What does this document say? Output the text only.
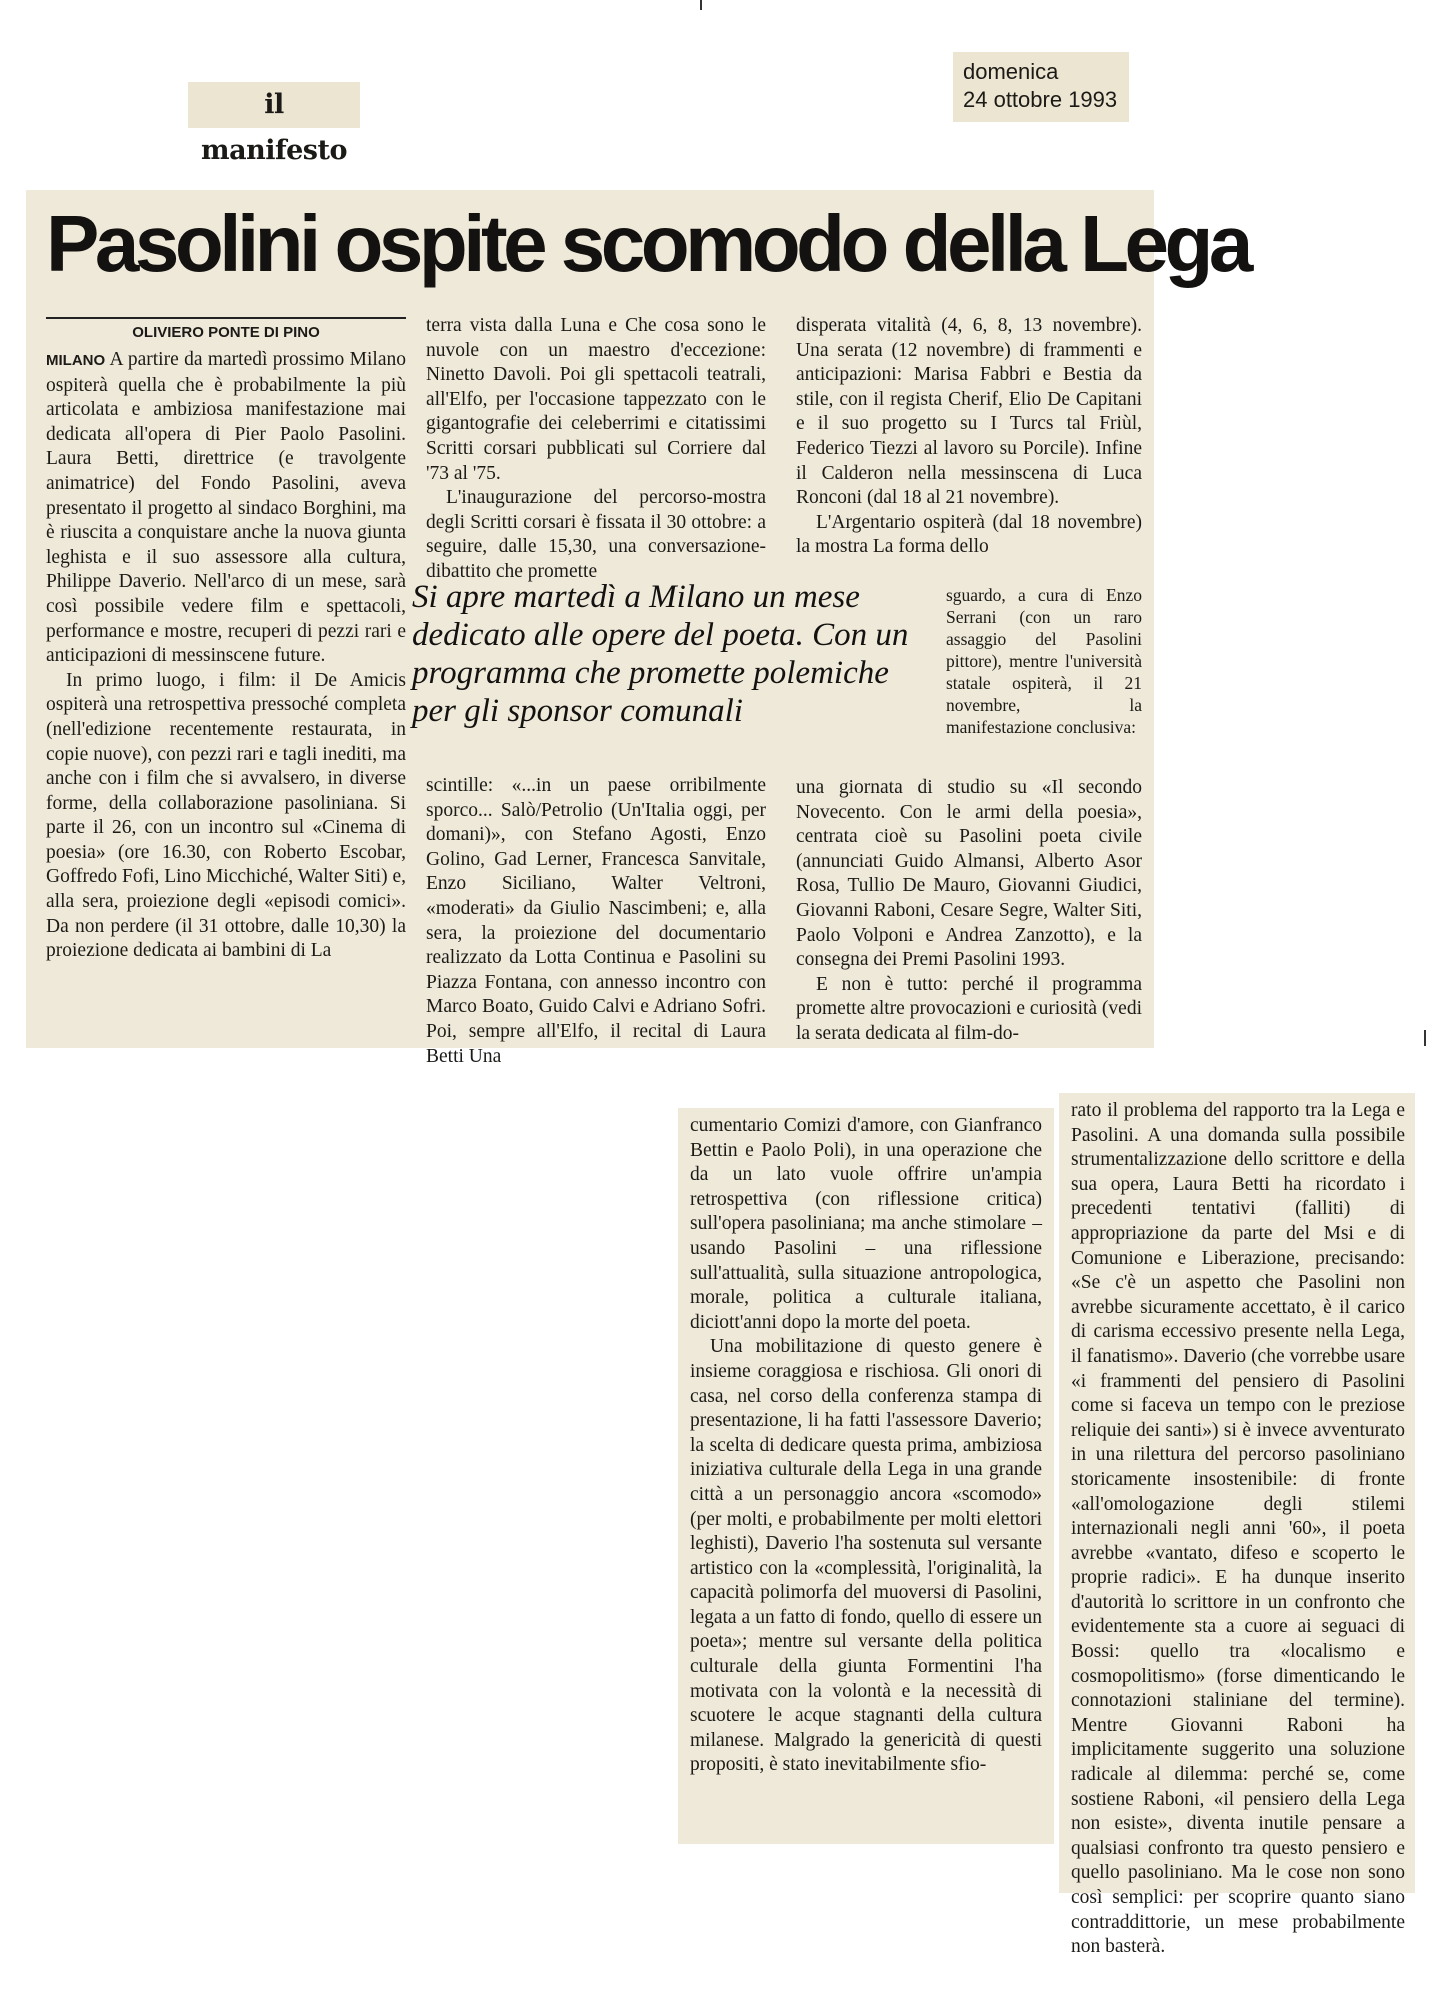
il manifesto
domenica
24 ottobre 1993
Pasolini ospite scomodo della Lega
OLIVIERO PONTE DI PINO

MILANO A partire da martedì prossimo Milano ospiterà quella che è probabilmente la più articolata e ambiziosa manifestazione mai dedicata all'opera di Pier Paolo Pasolini. Laura Betti, direttrice (e travolgente animatrice) del Fondo Pasolini, aveva presentato il progetto al sindaco Borghini, ma è riuscita a conquistare anche la nuova giunta leghista e il suo assessore alla cultura, Philippe Daverio. Nell'arco di un mese, sarà così possibile vedere film e spettacoli, performance e mostre, recuperi di pezzi rari e anticipazioni di messinscene future.

In primo luogo, i film: il De Amicis ospiterà una retrospettiva pressoché completa (nell'edizione recentemente restaurata, in copie nuove), con pezzi rari e tagli inediti, ma anche con i film che si avvalsero, in diverse forme, della collaborazione pasoliniana. Si parte il 26, con un incontro sul «Cinema di poesia» (ore 16.30, con Roberto Escobar, Goffredo Fofi, Lino Micchiché, Walter Siti) e, alla sera, proiezione degli «episodi comici». Da non perdere (il 31 ottobre, dalle 10,30) la proiezione dedicata ai bambini di La

terra vista dalla Luna e Che cosa sono le nuvole con un maestro d'eccezione: Ninetto Davoli. Poi gli spettacoli teatrali, all'Elfo, per l'occasione tappezzato con le gigantografie dei celeberrimi e citatissimi Scritti corsari pubblicati sul Corriere dal '73 al '75.

L'inaugurazione del percorso-mostra degli Scritti corsari è fissata il 30 ottobre: a seguire, dalle 15,30, una conversazione-dibattito che promette

disperata vitalità (4, 6, 8, 13 novembre). Una serata (12 novembre) di frammenti e anticipazioni: Marisa Fabbri e Bestia da stile, con il regista Cherif, Elio De Capitani e il suo progetto su I Turcs tal Friùl, Federico Tiezzi al lavoro su Porcile). Infine il Calderon nella messinscena di Luca Ronconi (dal 18 al 21 novembre).

L'Argentario ospiterà (dal 18 novembre) la mostra La forma dello

Si apre martedì a Milano un mese dedicato alle opere del poeta. Con un programma che promette polemiche per gli sponsor comunali

sguardo, a cura di Enzo Serrani (con un raro assaggio del Pasolini pittore), mentre l'università statale ospiterà, il 21 novembre, la manifestazione conclusiva:

scintille: «...in un paese orribilmente sporco... Salò/Petrolio (Un'Italia oggi, per domani)», con Stefano Agosti, Enzo Golino, Gad Lerner, Francesca Sanvitale, Enzo Siciliano, Walter Veltroni, «moderati» da Giulio Nascimbeni; e, alla sera, la proiezione del documentario realizzato da Lotta Continua e Pasolini su Piazza Fontana, con annesso incontro con Marco Boato, Guido Calvi e Adriano Sofri. Poi, sempre all'Elfo, il recital di Laura Betti Una

una giornata di studio su «Il secondo Novecento. Con le armi della poesia», centrata cioè su Pasolini poeta civile (annunciati Guido Almansi, Alberto Asor Rosa, Tullio De Mauro, Giovanni Giudici, Giovanni Raboni, Cesare Segre, Walter Siti, Paolo Volponi e Andrea Zanzotto), e la consegna dei Premi Pasolini 1993.

E non è tutto: perché il programma promette altre provocazioni e curiosità (vedi la serata dedicata al film-do-

cumentario Comizi d'amore, con Gianfranco Bettin e Paolo Poli), in una operazione che da un lato vuole offrire un'ampia retrospettiva (con riflessione critica) sull'opera pasoliniana; ma anche stimolare – usando Pasolini – una riflessione sull'attualità, sulla situazione antropologica, morale, politica a culturale italiana, diciott'anni dopo la morte del poeta.

Una mobilitazione di questo genere è insieme coraggiosa e rischiosa. Gli onori di casa, nel corso della conferenza stampa di presentazione, li ha fatti l'assessore Daverio; la scelta di dedicare questa prima, ambiziosa iniziativa culturale della Lega in una grande città a un personaggio ancora «scomodo» (per molti, e probabilmente per molti elettori leghisti), Daverio l'ha sostenuta sul versante artistico con la «complessità, l'originalità, la capacità polimorfa del muoversi di Pasolini, legata a un fatto di fondo, quello di essere un poeta»; mentre sul versante della politica culturale della giunta Formentini l'ha motivata con la volontà e la necessità di scuotere le acque stagnanti della cultura milanese. Malgrado la genericità di questi propositi, è stato inevitabilmente sfio-

rato il problema del rapporto tra la Lega e Pasolini. A una domanda sulla possibile strumentalizzazione dello scrittore e della sua opera, Laura Betti ha ricordato i precedenti tentativi (falliti) di appropriazione da parte del Msi e di Comunione e Liberazione, precisando: «Se c'è un aspetto che Pasolini non avrebbe sicuramente accettato, è il carico di carisma eccessivo presente nella Lega, il fanatismo». Daverio (che vorrebbe usare «i frammenti del pensiero di Pasolini come si faceva un tempo con le preziose reliquie dei santi») si è invece avventurato in una rilettura del percorso pasoliniano storicamente insostenibile: di fronte «all'omologazione degli stilemi internazionali negli anni '60», il poeta avrebbe «vantato, difeso e scoperto le proprie radici». E ha dunque inserito d'autorità lo scrittore in un confronto che evidentemente sta a cuore ai seguaci di Bossi: quello tra «localismo e cosmopolitismo» (forse dimenticando le connotazioni staliniane del termine). Mentre Giovanni Raboni ha implicitamente suggerito una soluzione radicale al dilemma: perché se, come sostiene Raboni, «il pensiero della Lega non esiste», diventa inutile pensare a qualsiasi confronto tra questo pensiero e quello pasoliniano. Ma le cose non sono così semplici: per scoprire quanto siano contraddittorie, un mese probabilmente non basterà.
